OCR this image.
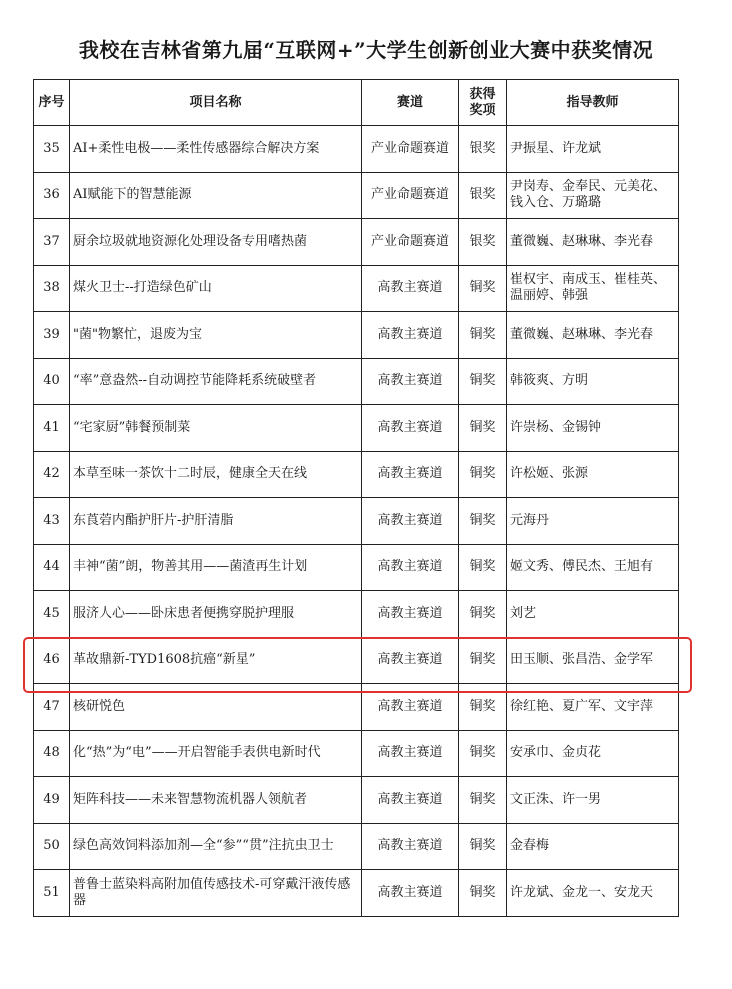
我校在吉林省第九届“互联网+”大学生创新创业大赛中获奖情况
序号	项目名称	赛道	获得奖项	指导教师
35	AI+柔性电极——柔性传感器综合解决方案	产业命题赛道	银奖	尹振星、许龙斌
36	AI赋能下的智慧能源	产业命题赛道	银奖	尹岗寿、金奉民、元美花、钱入仓、万璐璐
37	厨余垃圾就地资源化处理设备专用嗜热菌	产业命题赛道	银奖	董微巍、赵琳琳、李光春
38	煤火卫士--打造绿色矿山	高教主赛道	铜奖	崔权宇、南成玉、崔桂英、温丽婷、韩强
39	"菌"物繁忙，退废为宝	高教主赛道	铜奖	董微巍、赵琳琳、李光春
40	“率”意盎然--自动调控节能降耗系统破壁者	高教主赛道	铜奖	韩筱爽、方明
41	“宅家厨”韩餐预制菜	高教主赛道	铜奖	许崇杨、金锡钟
42	本草至味一茶饮十二时辰，健康全天在线	高教主赛道	铜奖	许松姬、张源
43	东莨菪内酯护肝片-护肝清脂	高教主赛道	铜奖	元海丹
44	丰神“菌”朗，物善其用——菌渣再生计划	高教主赛道	铜奖	姬文秀、傅民杰、王旭有
45	服济人心——卧床患者便携穿脱护理服	高教主赛道	铜奖	刘艺
46	革故鼎新-TYD1608抗癌“新星”	高教主赛道	铜奖	田玉顺、张昌浩、金学军
47	核研悦色	高教主赛道	铜奖	徐红艳、夏广军、文宇萍
48	化“热”为“电”——开启智能手表供电新时代	高教主赛道	铜奖	安承巾、金贞花
49	矩阵科技——未来智慧物流机器人领航者	高教主赛道	铜奖	文正洙、许一男
50	绿色高效饲料添加剂—全“参”“贯”注抗虫卫士	高教主赛道	铜奖	金春梅
51	普鲁士蓝染料高附加值传感技术-可穿戴汗液传感器	高教主赛道	铜奖	许龙斌、金龙一、安龙天
